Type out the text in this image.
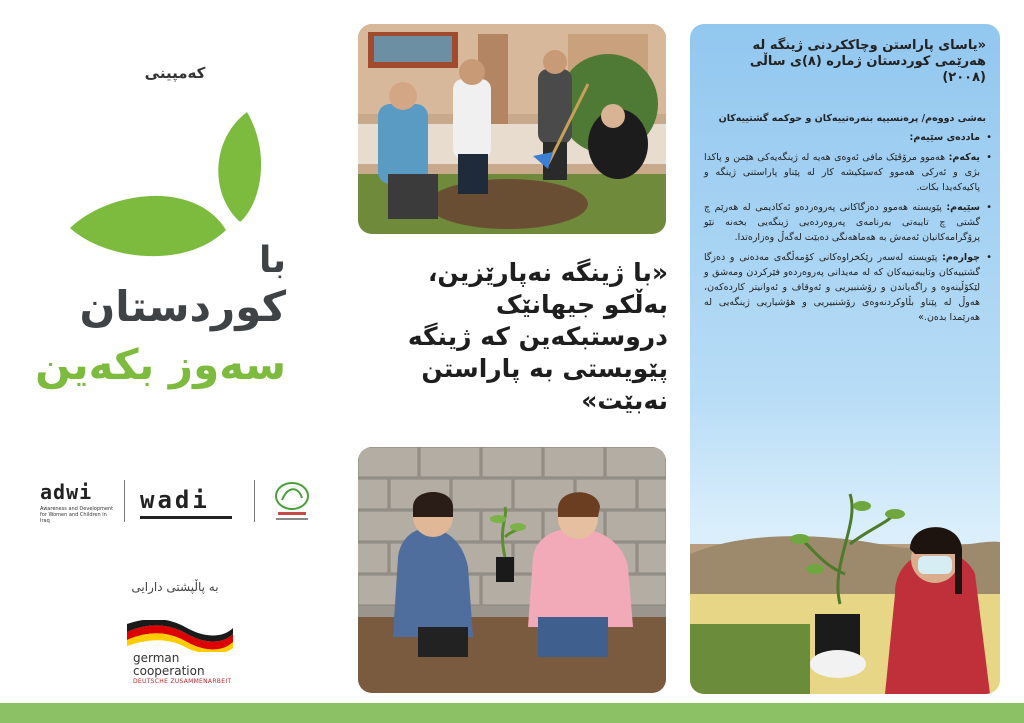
کەمپینی
با
کوردستان
سەوز بکەین
adwi
Awareness and Development for Women and Children in Iraq
wadi
بە پاڵپشتی دارایی
german
cooperation
DEUTSCHE ZUSAMMENARBEIT
«با ژینگە نەپارێزین، بەڵکو جیهانێک دروستبکەین کە ژینگە پێویستی بە پاراستن نەبێت»
«یاسای پاراستن وچاککردنی ژینگە لە هەرێمی کوردستان ژمارە (٨)ی ساڵی (٢٠٠٨)
بەشی دووەم/ پرەنسیپە بنەرەتییەکان و حوکمە گشتییەکان
• ماددەی سێیەم:
• یەکەم: هەموو مرۆڤێک مافی ئەوەی هەیە لە ژینگەیەکی هێمن و پاکدا بژی و ئەرکی هەموو کەسێکیشە کار لە پێناو پاراستنی ژینگە و پاکیەکەیدا بکات.
• سێیەم: پێویستە هەموو دەزگاکانی پەروەردەو ئەکادیمی لە هەرێم چ گشتی چ تایبەتی بەرنامەی پەروەردەیی ژینگەیی بخەنە نێو پرۆگرامەکانیان ئەمەش بە هەماهەنگی دەبێت لەگەڵ وەزارەتدا.
• چوارەم: پێویستە لەسەر رێکخراوەکانی کۆمەڵگەی مەدەنی و دەزگا گشتییەکان وتایبەتییەکان کە لە مەیدانی پەروەردەو فێرکردن ومەشق و لێکۆڵینەوە و راگەیاندن و رۆشنبیریی و ئەوقاف و ئەوانیتر کاردەکەن، هەوڵ لە پێناو بڵاوکردنەوەی رۆشنبیریی و هۆشیاریی ژینگەیی لە هەرێمدا بدەن.»
